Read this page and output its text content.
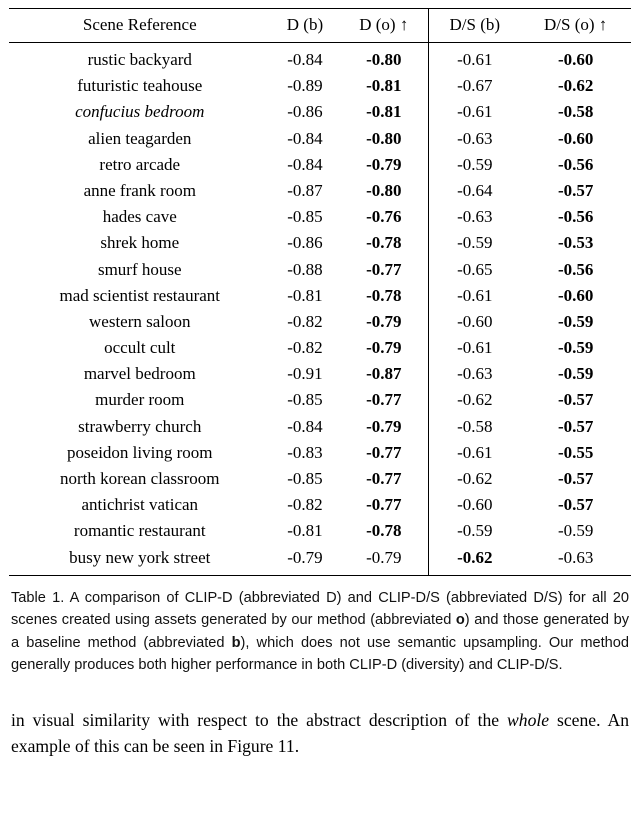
Scene Reference	D (b)	D (o) ↑	D/S (b)	D/S (o) ↑
rustic backyard	-0.84	-0.80	-0.61	-0.60
futuristic teahouse	-0.89	-0.81	-0.67	-0.62
confucius bedroom	-0.86	-0.81	-0.61	-0.58
alien teagarden	-0.84	-0.80	-0.63	-0.60
retro arcade	-0.84	-0.79	-0.59	-0.56
anne frank room	-0.87	-0.80	-0.64	-0.57
hades cave	-0.85	-0.76	-0.63	-0.56
shrek home	-0.86	-0.78	-0.59	-0.53
smurf house	-0.88	-0.77	-0.65	-0.56
mad scientist restaurant	-0.81	-0.78	-0.61	-0.60
western saloon	-0.82	-0.79	-0.60	-0.59
occult cult	-0.82	-0.79	-0.61	-0.59
marvel bedroom	-0.91	-0.87	-0.63	-0.59
murder room	-0.85	-0.77	-0.62	-0.57
strawberry church	-0.84	-0.79	-0.58	-0.57
poseidon living room	-0.83	-0.77	-0.61	-0.55
north korean classroom	-0.85	-0.77	-0.62	-0.57
antichrist vatican	-0.82	-0.77	-0.60	-0.57
romantic restaurant	-0.81	-0.78	-0.59	-0.59
busy new york street	-0.79	-0.79	-0.62	-0.63

Table 1. A comparison of CLIP-D (abbreviated D) and CLIP-D/S (abbreviated D/S) for all 20 scenes created using assets generated by our method (abbreviated o) and those generated by a baseline method (abbreviated b), which does not use semantic upsampling. Our method generally produces both higher performance in both CLIP-D (diversity) and CLIP-D/S.

in visual similarity with respect to the abstract description of the whole scene. An example of this can be seen in Figure 11.
